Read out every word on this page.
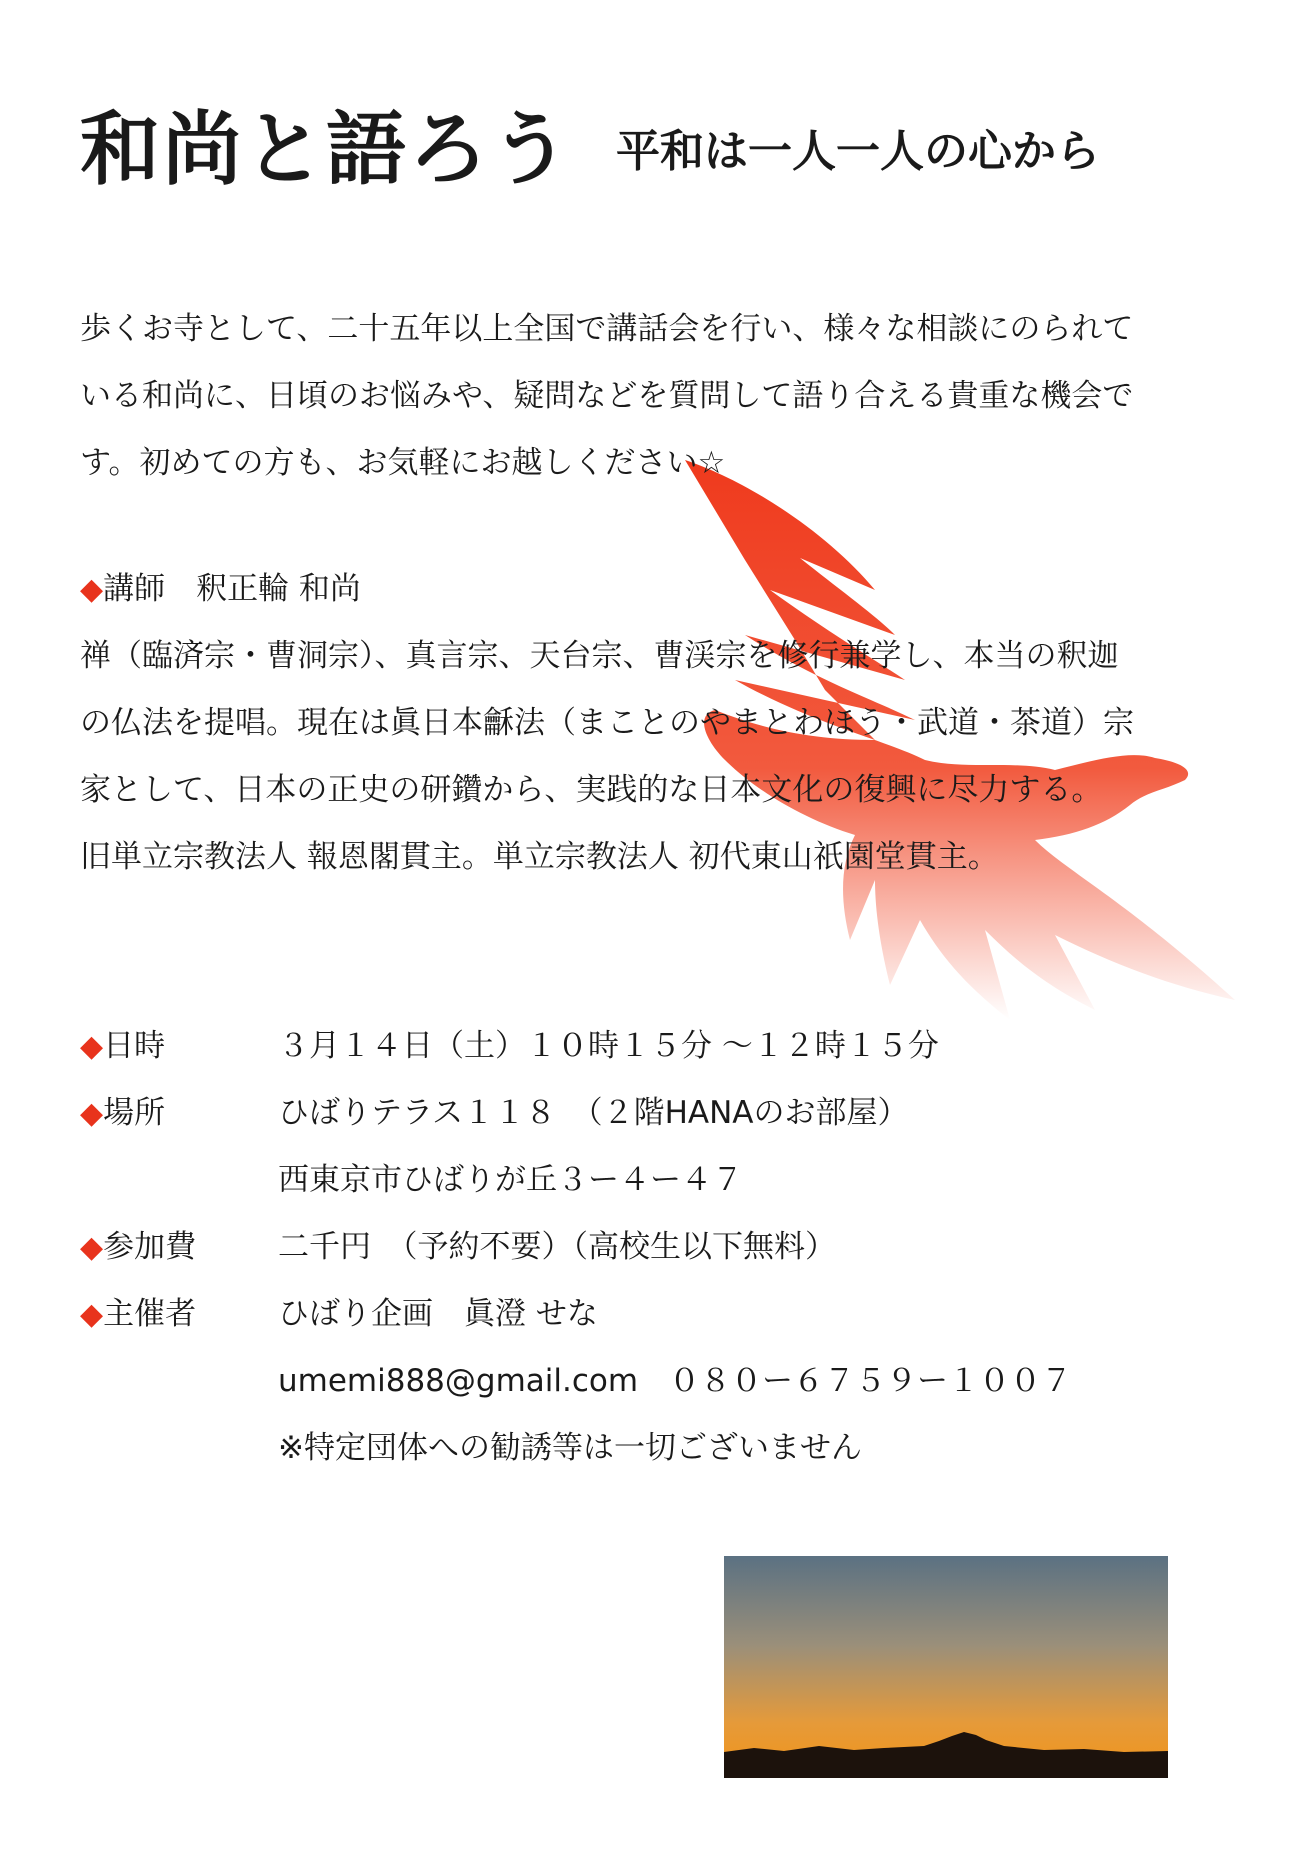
和尚と語ろう 平和は一人一人の心から
歩くお寺として、二十五年以上全国で講話会を行い、様々な相談にのられて
いる和尚に、日頃のお悩みや、疑問などを質問して語り合える貴重な機会で
す。初めての方も、お気軽にお越しください☆
◆講師　釈正輪 和尚
禅（臨済宗・曹洞宗）、真言宗、天台宗、曹渓宗を修行兼学し、本当の釈迦
の仏法を提唱。現在は眞日本龢法（まことのやまとわほう・武道・茶道）宗
家として、日本の正史の研鑽から、実践的な日本文化の復興に尽力する。
旧単立宗教法人 報恩閣貫主。単立宗教法人 初代東山祇園堂貫主。
◆日時	３月１４日（土）１０時１５分 〜１２時１５分
◆場所	ひばりテラス１１８　（２階HANAのお部屋）
西東京市ひばりが丘３ー４ー４７
◆参加費	二千円　（予約不要）（高校生以下無料）
◆主催者	ひばり企画　眞澄 せな
umemi888@gmail.com　０８０ー６７５９ー１００７
※特定団体への勧誘等は一切ございません
